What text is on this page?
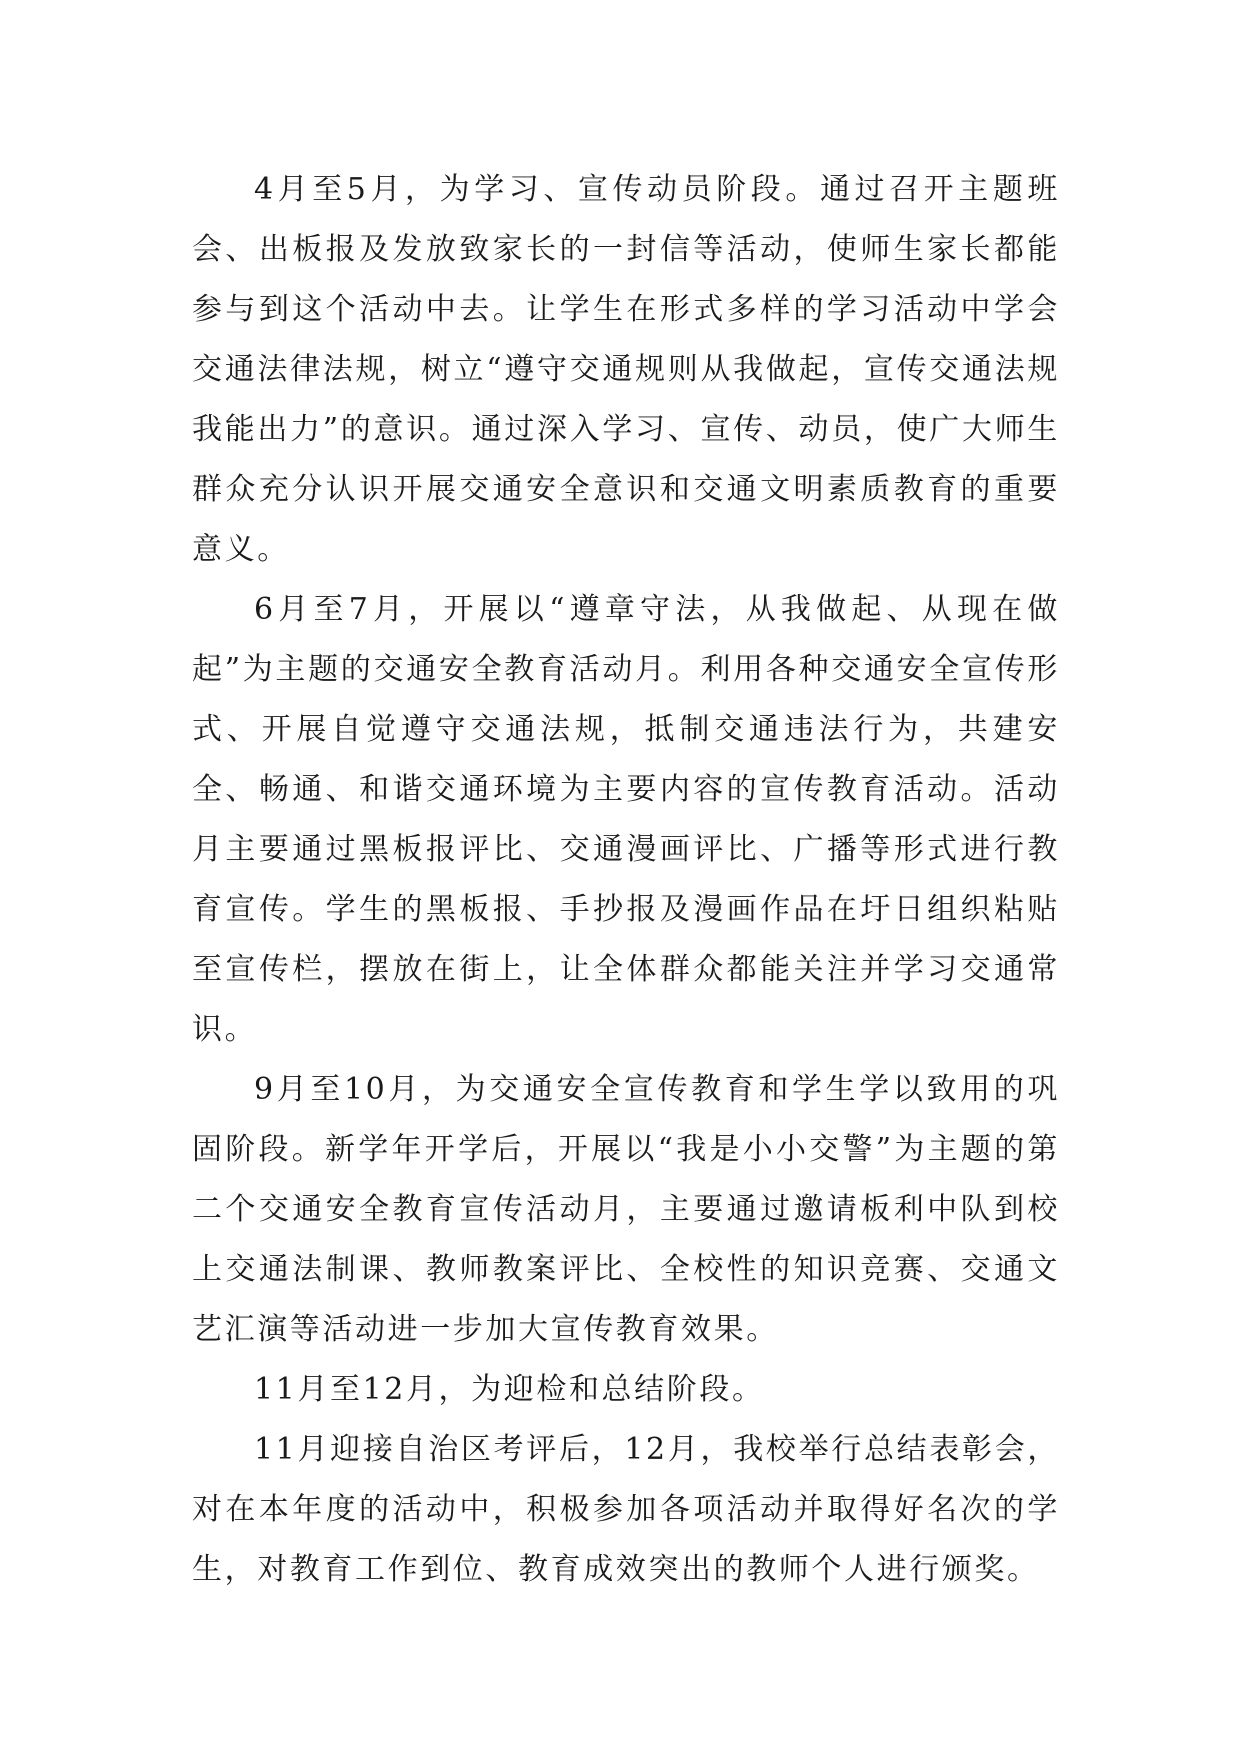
4月至5月，为学习、宣传动员阶段。通过召开主题班会、出板报及发放致家长的一封信等活动，使师生家长都能参与到这个活动中去。让学生在形式多样的学习活动中学会交通法律法规，树立“遵守交通规则从我做起，宣传交通法规我能出力”的意识。通过深入学习、宣传、动员，使广大师生群众充分认识开展交通安全意识和交通文明素质教育的重要意义。

6月至7月，开展以“遵章守法，从我做起、从现在做起”为主题的交通安全教育活动月。利用各种交通安全宣传形式、开展自觉遵守交通法规，抵制交通违法行为，共建安全、畅通、和谐交通环境为主要内容的宣传教育活动。活动月主要通过黑板报评比、交通漫画评比、广播等形式进行教育宣传。学生的黑板报、手抄报及漫画作品在圩日组织粘贴至宣传栏，摆放在街上，让全体群众都能关注并学习交通常识。

9月至10月，为交通安全宣传教育和学生学以致用的巩固阶段。新学年开学后，开展以“我是小小交警”为主题的第二个交通安全教育宣传活动月，主要通过邀请板利中队到校上交通法制课、教师教案评比、全校性的知识竞赛、交通文艺汇演等活动进一步加大宣传教育效果。

11月至12月，为迎检和总结阶段。

11月迎接自治区考评后，12月，我校举行总结表彰会，对在本年度的活动中，积极参加各项活动并取得好名次的学生，对教育工作到位、教育成效突出的教师个人进行颁奖。
